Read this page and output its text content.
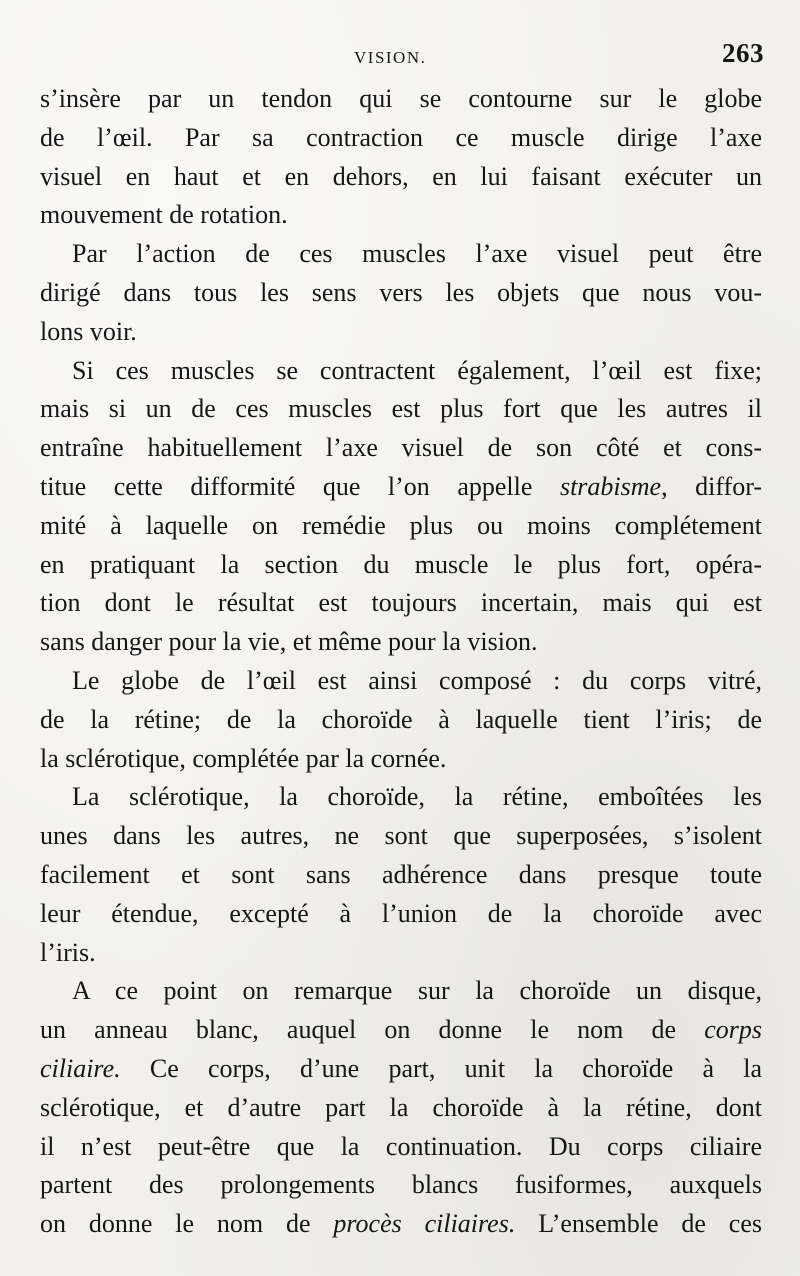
VISION.	263

s’insère par un tendon qui se contourne sur le globe
de l’œil. Par sa contraction ce muscle dirige l’axe
visuel en haut et en dehors, en lui faisant exécuter un
mouvement de rotation.

Par l’action de ces muscles l’axe visuel peut être
dirigé dans tous les sens vers les objets que nous vou-
lons voir.

Si ces muscles se contractent également, l’œil est fixe;
mais si un de ces muscles est plus fort que les autres il
entraîne habituellement l’axe visuel de son côté et cons-
titue cette difformité que l’on appelle strabisme, diffor-
mité à laquelle on remédie plus ou moins complétement
en pratiquant la section du muscle le plus fort, opéra-
tion dont le résultat est toujours incertain, mais qui est
sans danger pour la vie, et même pour la vision.

Le globe de l’œil est ainsi composé : du corps vitré,
de la rétine; de la choroïde à laquelle tient l’iris; de
la sclérotique, complétée par la cornée.

La sclérotique, la choroïde, la rétine, emboîtées les
unes dans les autres, ne sont que superposées, s’isolent
facilement et sont sans adhérence dans presque toute
leur étendue, excepté à l’union de la choroïde avec
l’iris.

A ce point on remarque sur la choroïde un disque,
un anneau blanc, auquel on donne le nom de corps
ciliaire. Ce corps, d’une part, unit la choroïde à la
sclérotique, et d’autre part la choroïde à la rétine, dont
il n’est peut-être que la continuation. Du corps ciliaire
partent des prolongements blancs fusiformes, auxquels
on donne le nom de procès ciliaires. L’ensemble de ces
